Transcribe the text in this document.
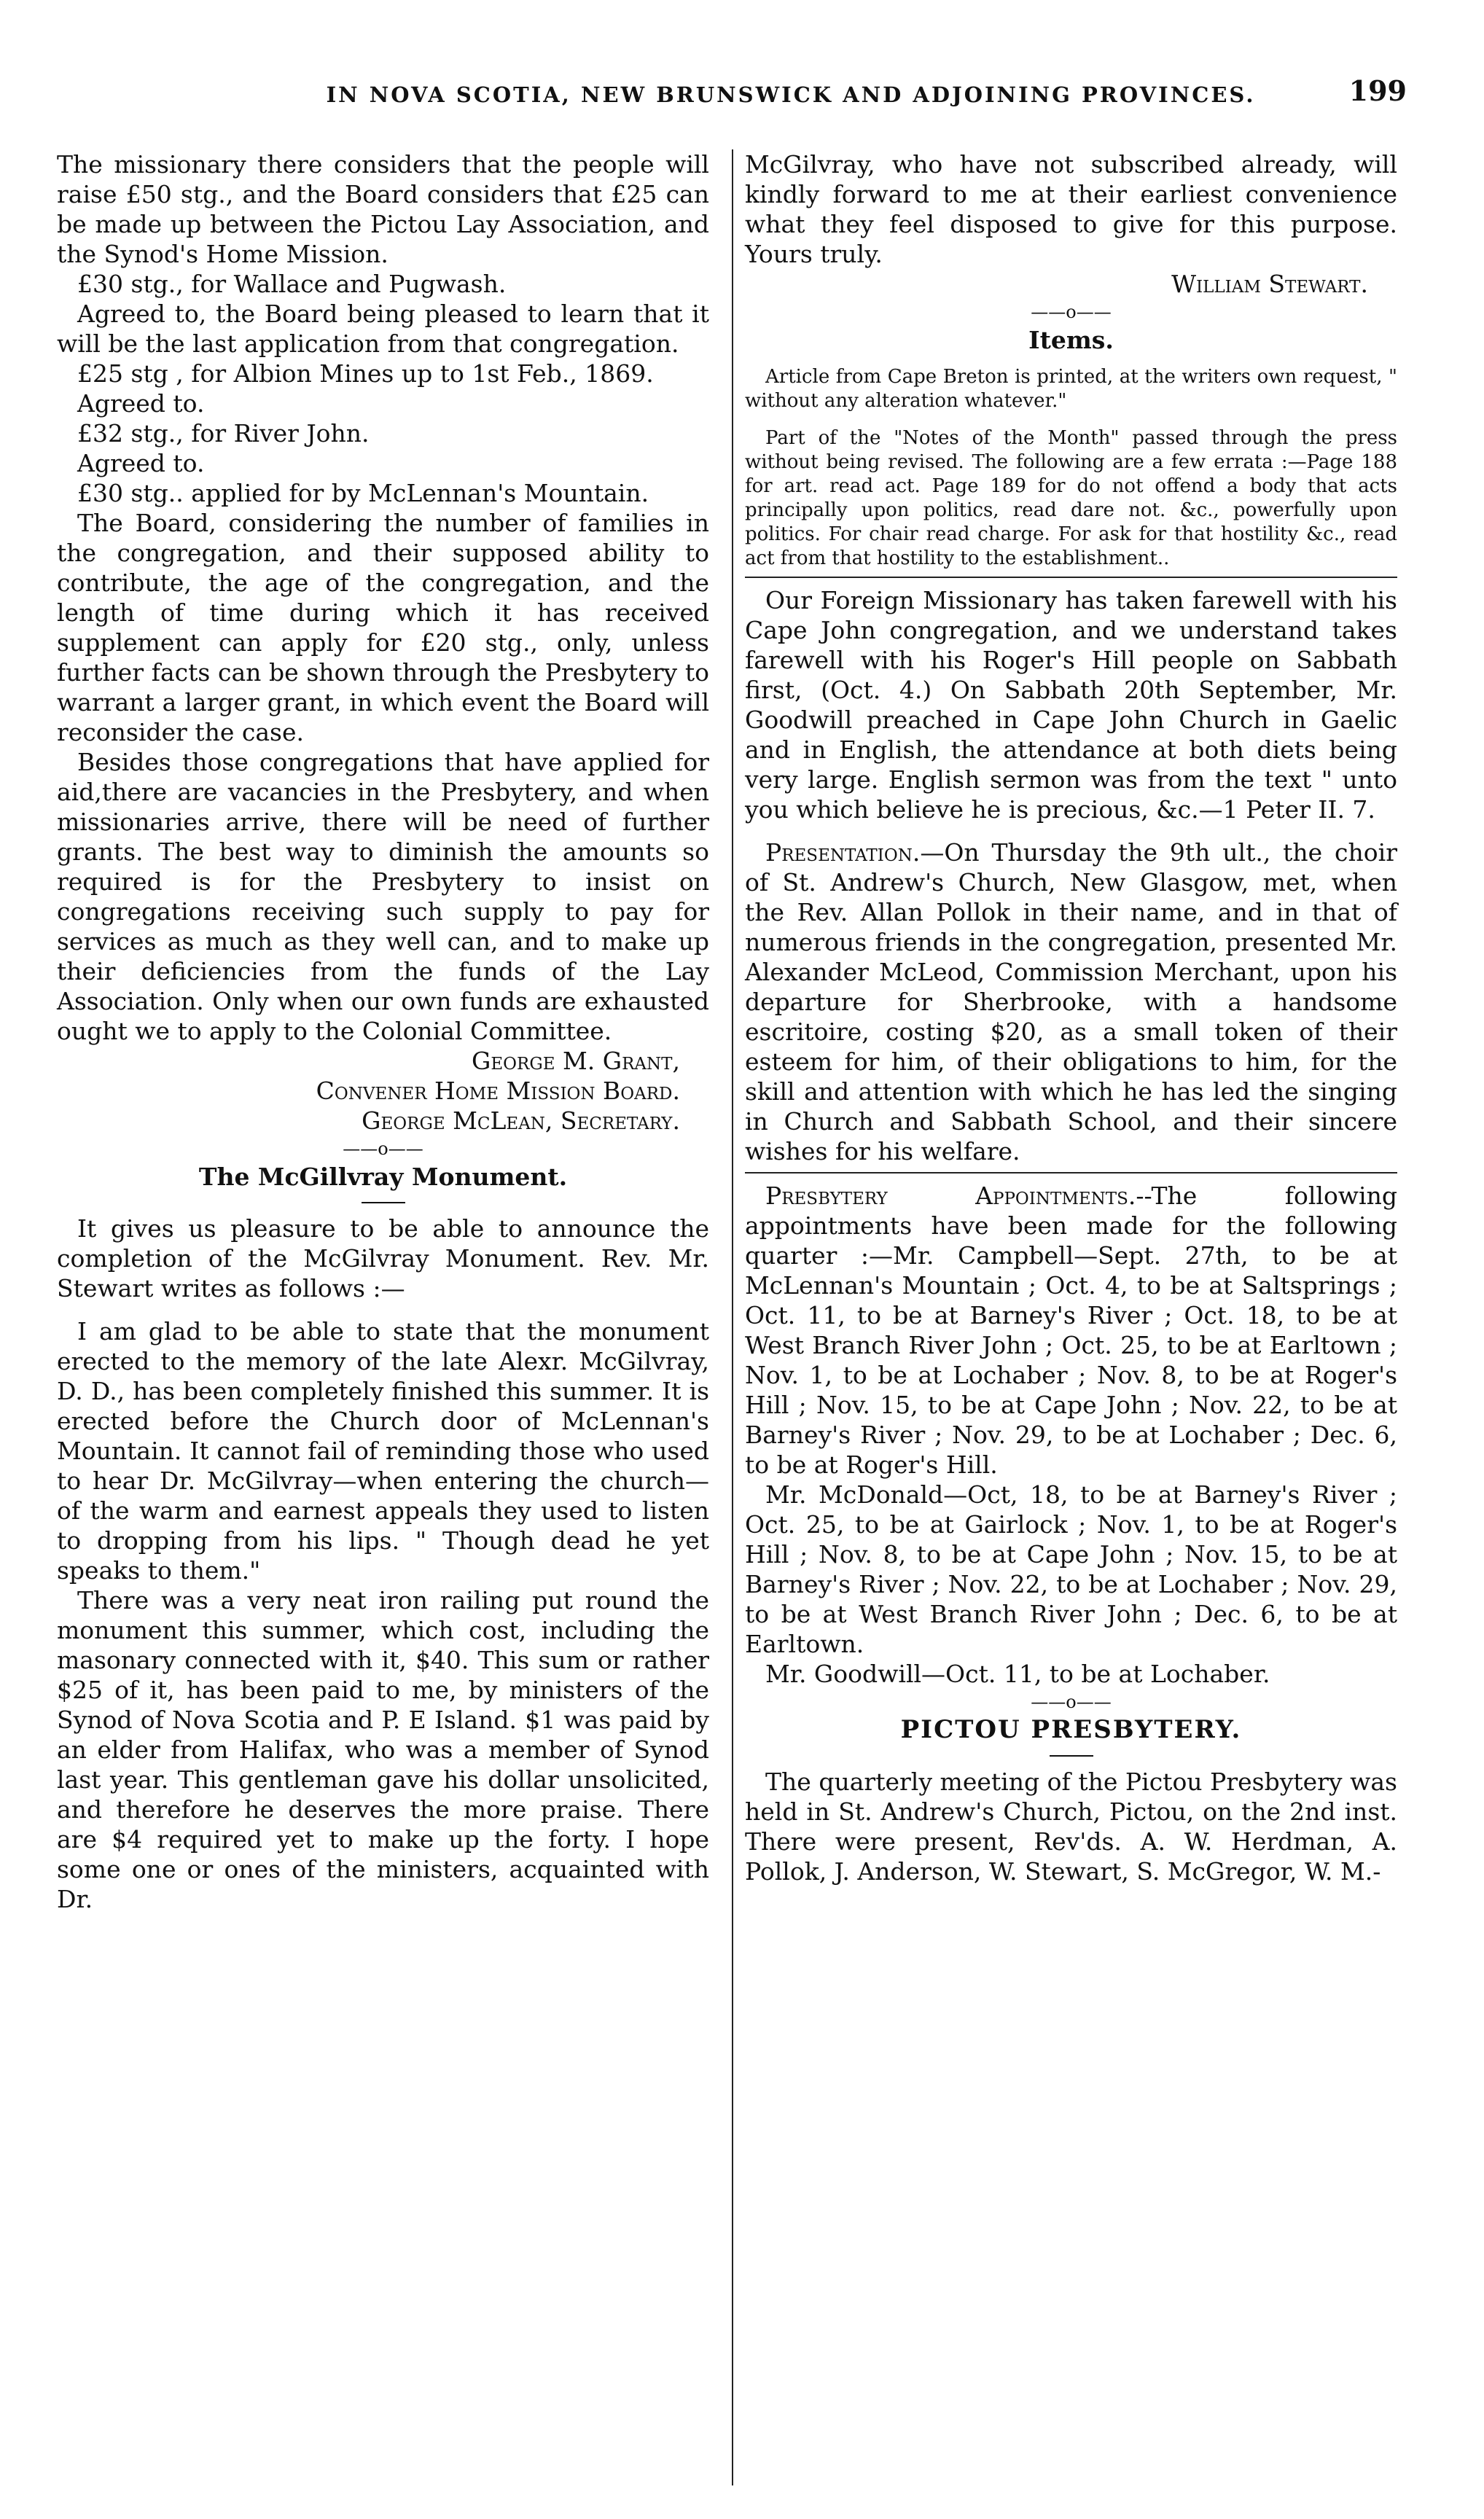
IN NOVA SCOTIA, NEW BRUNSWICK AND ADJOINING PROVINCES.	199

The missionary there considers that the people will raise £50 stg., and the Board considers that £25 can be made up between the Pictou Lay Association, and the Synod's Home Mission.

£30 stg., for Wallace and Pugwash.

Agreed to, the Board being pleased to learn that it will be the last application from that congregation.

£25 stg , for Albion Mines up to 1st Feb., 1869.

Agreed to.

£32 stg., for River John.

Agreed to.

£30 stg.. applied for by McLennan's Mountain.

The Board, considering the number of families in the congregation, and their supposed ability to contribute, the age of the congregation, and the length of time during which it has received supplement can apply for £20 stg., only, unless further facts can be shown through the Presbytery to warrant a larger grant, in which event the Board will reconsider the case.

Besides those congregations that have applied for aid,there are vacancies in the Presbytery, and when missionaries arrive, there will be need of further grants. The best way to diminish the amounts so required is for the Presbytery to insist on congregations receiving such supply to pay for services as much as they well can, and to make up their deficiencies from the funds of the Lay Association. Only when our own funds are exhausted ought we to apply to the Colonial Committee.

George M. Grant,

Convener Home Mission Board.

George McLean, Secretary.

——o——
The McGillvray Monument.

It gives us pleasure to be able to announce the completion of the McGilvray Monument. Rev. Mr. Stewart writes as follows :—

I am glad to be able to state that the monument erected to the memory of the late Alexr. McGilvray, D. D., has been completely finished this summer. It is erected before the Church door of McLennan's Mountain. It cannot fail of reminding those who used to hear Dr. McGilvray—when entering the church—of the warm and earnest appeals they used to listen to dropping from his lips. " Though dead he yet speaks to them."

There was a very neat iron railing put round the monument this summer, which cost, including the masonary connected with it, $40. This sum or rather $25 of it, has been paid to me, by ministers of the Synod of Nova Scotia and P. E Island. $1 was paid by an elder from Halifax, who was a member of Synod last year. This gentleman gave his dollar unsolicited, and therefore he deserves the more praise. There are $4 required yet to make up the forty. I hope some one or ones of the ministers, acquainted with Dr.

McGilvray, who have not subscribed already, will kindly forward to me at their earliest convenience what they feel disposed to give for this purpose. Yours truly.

William Stewart.

——o——
Items.

Article from Cape Breton is printed, at the writers own request, " without any alteration whatever."

Part of the "Notes of the Month" passed through the press without being revised. The following are a few errata :—Page 188 for art. read act. Page 189 for do not offend a body that acts principally upon politics, read dare not. &c., powerfully upon politics. For chair read charge. For ask for that hostility &c., read act from that hostility to the establishment..

Our Foreign Missionary has taken farewell with his Cape John congregation, and we understand takes farewell with his Roger's Hill people on Sabbath first, (Oct. 4.) On Sabbath 20th September, Mr. Goodwill preached in Cape John Church in Gaelic and in English, the attendance at both diets being very large. English sermon was from the text " unto you which believe he is precious, &c.—1 Peter II. 7.

Presentation.—On Thursday the 9th ult., the choir of St. Andrew's Church, New Glasgow, met, when the Rev. Allan Pollok in their name, and in that of numerous friends in the congregation, presented Mr. Alexander McLeod, Commission Merchant, upon his departure for Sherbrooke, with a handsome escritoire, costing $20, as a small token of their esteem for him, of their obligations to him, for the skill and attention with which he has led the singing in Church and Sabbath School, and their sincere wishes for his welfare.

Presbytery Appointments.--The following appointments have been made for the following quarter :—Mr. Campbell—Sept. 27th, to be at McLennan's Mountain ; Oct. 4, to be at Saltsprings ; Oct. 11, to be at Barney's River ; Oct. 18, to be at West Branch River John ; Oct. 25, to be at Earltown ; Nov. 1, to be at Lochaber ; Nov. 8, to be at Roger's Hill ; Nov. 15, to be at Cape John ; Nov. 22, to be at Barney's River ; Nov. 29, to be at Lochaber ; Dec. 6, to be at Roger's Hill.

Mr. McDonald—Oct, 18, to be at Barney's River ; Oct. 25, to be at Gairlock ; Nov. 1, to be at Roger's Hill ; Nov. 8, to be at Cape John ; Nov. 15, to be at Barney's River ; Nov. 22, to be at Lochaber ; Nov. 29, to be at West Branch River John ; Dec. 6, to be at Earltown.

Mr. Goodwill—Oct. 11, to be at Lochaber.

——o——
PICTOU PRESBYTERY.

The quarterly meeting of the Pictou Presbytery was held in St. Andrew's Church, Pictou, on the 2nd inst. There were present, Rev'ds. A. W. Herdman, A. Pollok, J. Anderson, W. Stewart, S. McGregor, W. M.-
